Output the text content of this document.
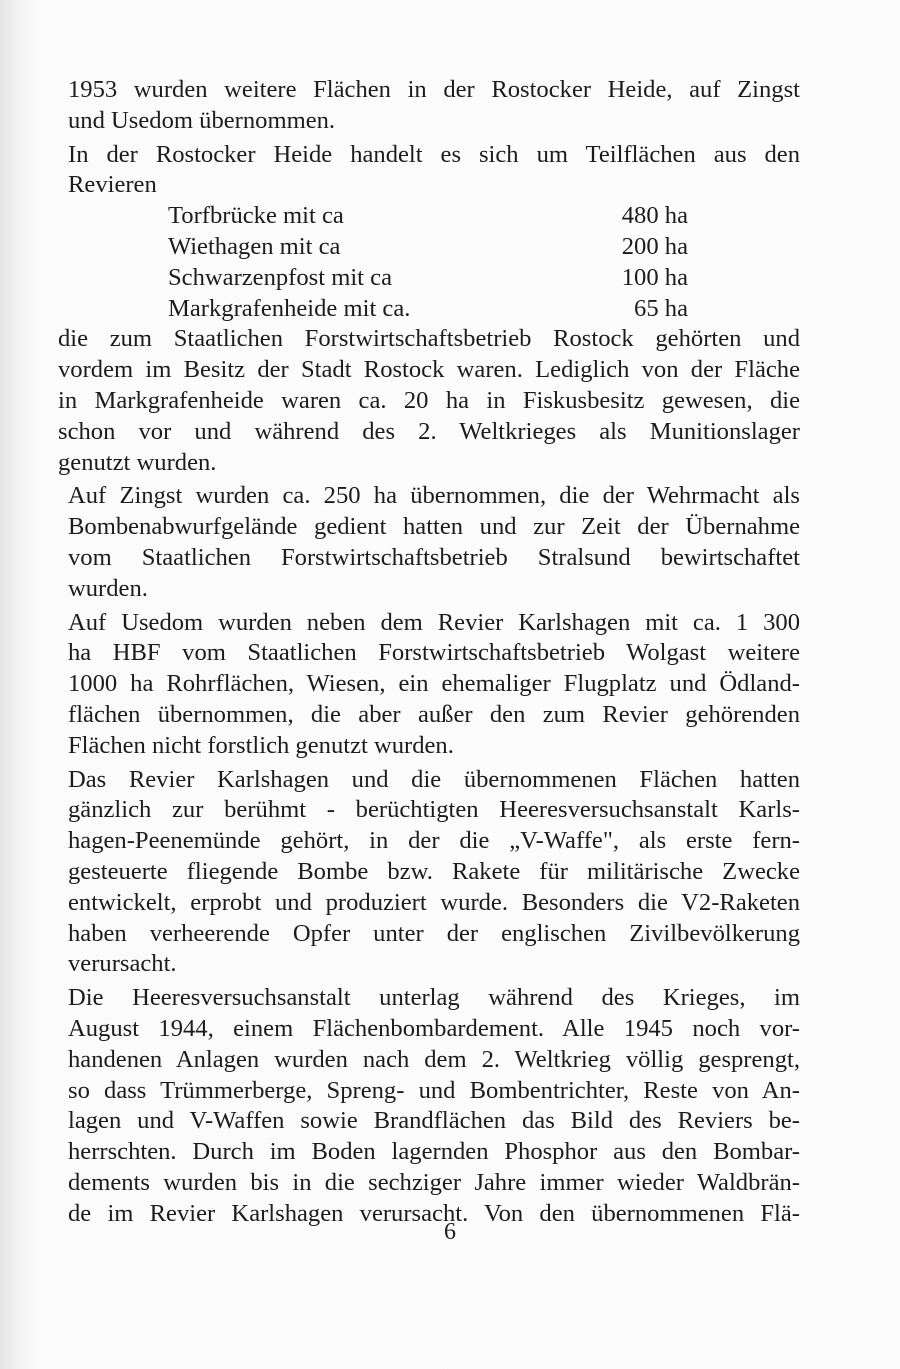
1953 wurden weitere Flächen in der Rostocker Heide, auf Zingst
und Usedom übernommen.

In der Rostocker Heide handelt es sich um Teilflächen aus den
Revieren

Torfbrücke mit ca	480 ha
Wiethagen mit ca	200 ha
Schwarzenpfost mit ca	100 ha
Markgrafenheide mit ca.	65 ha

die zum Staatlichen Forstwirtschaftsbetrieb Rostock gehörten und
vordem im Besitz der Stadt Rostock waren. Lediglich von der Fläche
in Markgrafenheide waren ca. 20 ha in Fiskusbesitz gewesen, die
schon vor und während des 2. Weltkrieges als Munitionslager
genutzt wurden.

Auf Zingst wurden ca. 250 ha übernommen, die der Wehrmacht als
Bombenabwurfgelände gedient hatten und zur Zeit der Übernahme
vom Staatlichen Forstwirtschaftsbetrieb Stralsund bewirtschaftet
wurden.

Auf Usedom wurden neben dem Revier Karlshagen mit ca. 1 300
ha HBF vom Staatlichen Forstwirtschaftsbetrieb Wolgast weitere
1000 ha Rohrflächen, Wiesen, ein ehemaliger Flugplatz und Ödland-
flächen übernommen, die aber außer den zum Revier gehörenden
Flächen nicht forstlich genutzt wurden.

Das Revier Karlshagen und die übernommenen Flächen hatten
gänzlich zur berühmt - berüchtigten Heeresversuchsanstalt Karls-
hagen-Peenemünde gehört, in der die „V-Waffe", als erste fern-
gesteuerte fliegende Bombe bzw. Rakete für militärische Zwecke
entwickelt, erprobt und produziert wurde. Besonders die V2-Raketen
haben verheerende Opfer unter der englischen Zivilbevölkerung
verursacht.

Die Heeresversuchsanstalt unterlag während des Krieges, im
August 1944, einem Flächenbombardement. Alle 1945 noch vor-
handenen Anlagen wurden nach dem 2. Weltkrieg völlig gesprengt,
so dass Trümmerberge, Spreng- und Bombentrichter, Reste von An-
lagen und V-Waffen sowie Brandflächen das Bild des Reviers be-
herrschten. Durch im Boden lagernden Phosphor aus den Bombar-
dements wurden bis in die sechziger Jahre immer wieder Waldbrän-
de im Revier Karlshagen verursacht. Von den übernommenen Flä-

6
